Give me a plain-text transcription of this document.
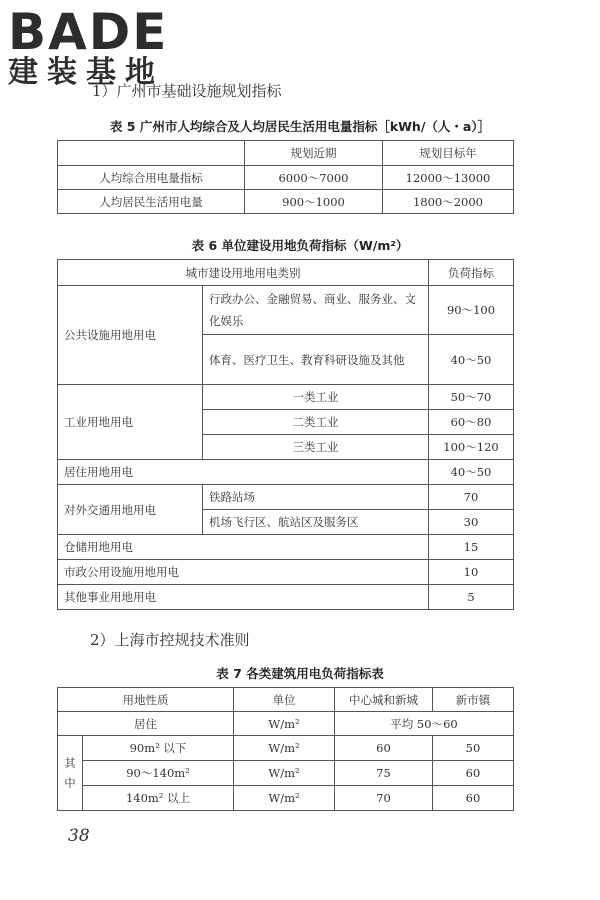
BADE
建装基地
1）广州市基础设施规划指标
表 5 广州市人均综合及人均居民生活用电量指标［kWh/（人・a）］
	规划近期	规划目标年
人均综合用电量指标	6000～7000	12000～13000
人均居民生活用电量	900～1000	1800～2000
表 6 单位建设用地负荷指标（W/m²）
城市建设用地用电类别		负荷指标
公共设施用地用电	行政办公、金融贸易、商业、服务业、文化娱乐	90～100
	体育、医疗卫生、教育科研设施及其他	40～50
工业用地用电	一类工业	50～70
	二类工业	60～80
	三类工业	100～120
居住用地用电		40～50
对外交通用地用电	铁路站场	70
	机场飞行区、航站区及服务区	30
仓储用地用电		15
市政公用设施用地用电		10
其他事业用地用电		5
2）上海市控规技术准则
表 7 各类建筑用电负荷指标表
用地性质		单位	中心城和新城	新市镇
居住		W/m²	平均 50～60	
其中	90m² 以下	W/m²	60	50
	90～140m²	W/m²	75	60
	140m² 以上	W/m²	70	60
38
